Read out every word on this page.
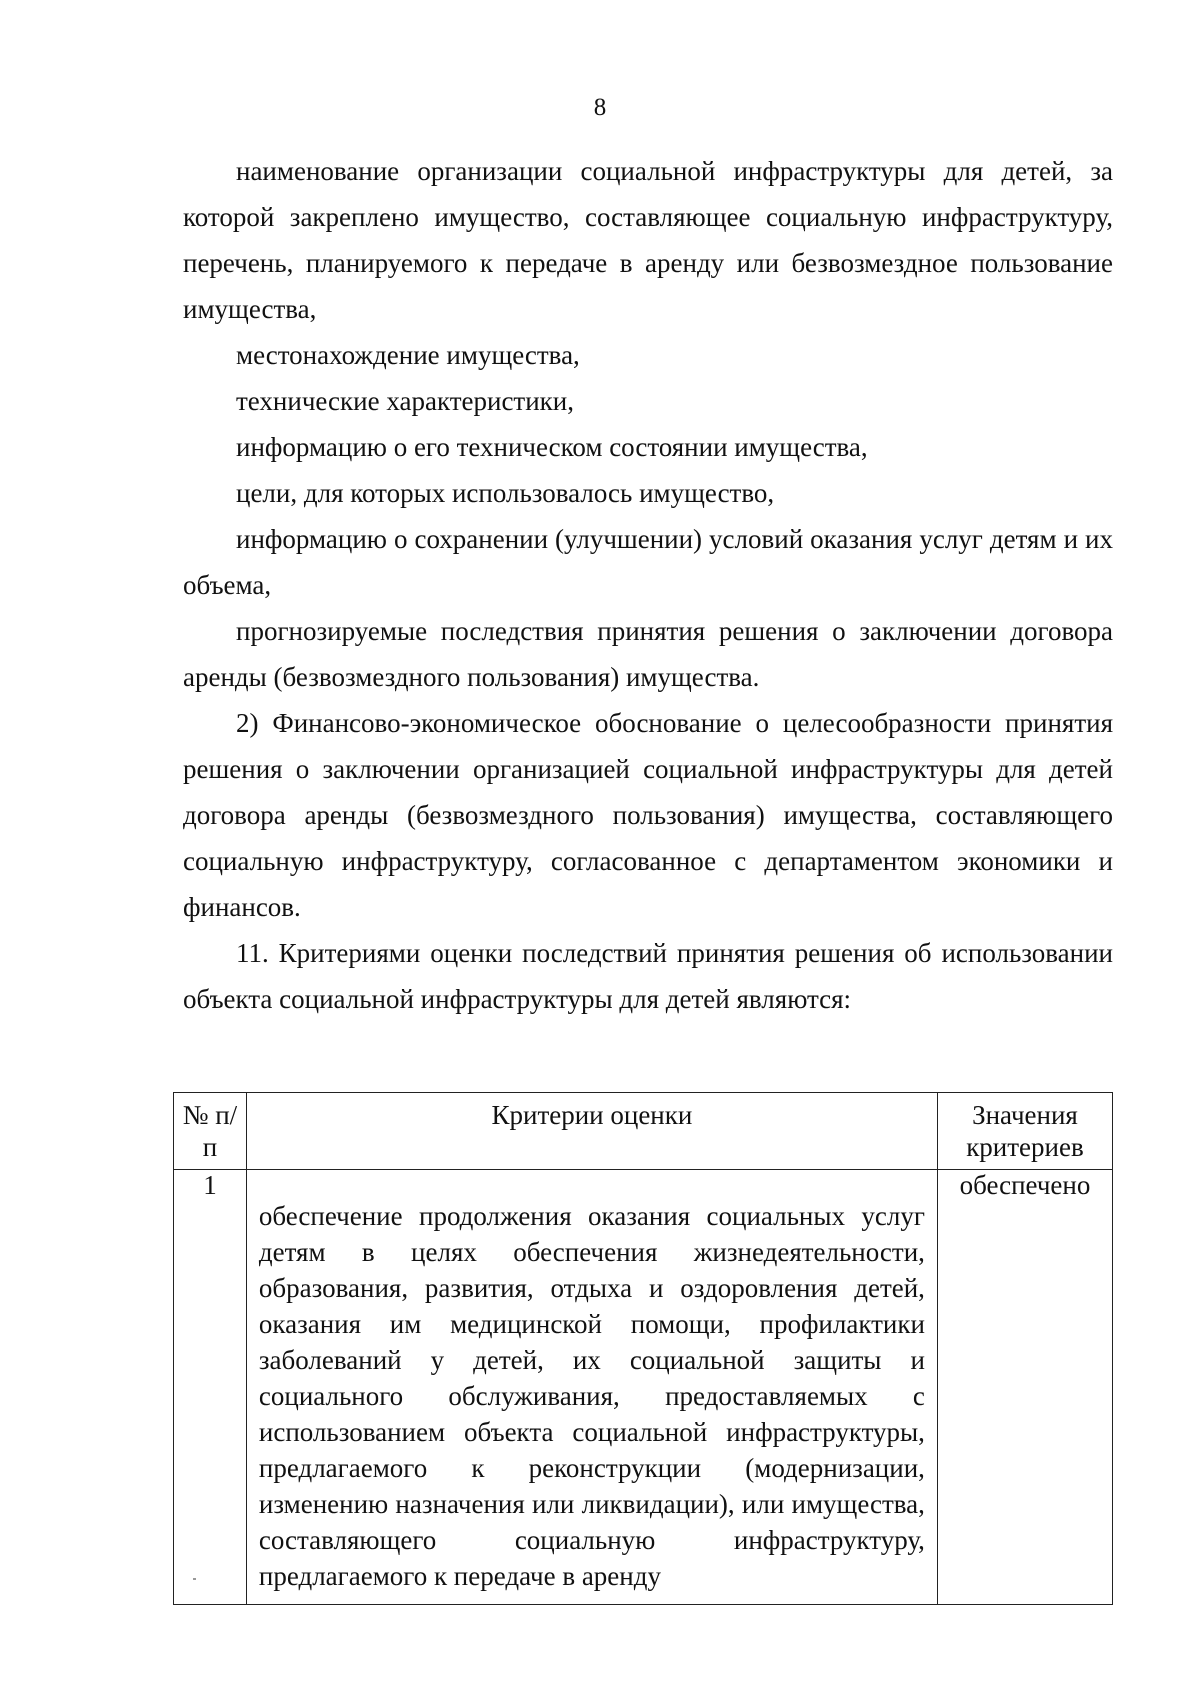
8

наименование организации социальной инфраструктуры для детей, за которой закреплено имущество, составляющее социальную инфраструктуру, перечень, планируемого к передаче в аренду или безвозмездное пользование имущества,

местонахождение имущества,

технические характеристики,

информацию о его техническом состоянии имущества,

цели, для которых использовалось имущество,

информацию о сохранении (улучшении) условий оказания услуг детям и их объема,

прогнозируемые последствия принятия решения о заключении договора аренды (безвозмездного пользования) имущества.

2) Финансово-экономическое обоснование о целесообразности принятия решения о заключении организацией социальной инфраструктуры для детей договора аренды (безвозмездного пользования) имущества, составляющего социальную инфраструктуру, согласованное с департаментом экономики и финансов.

11. Критериями оценки последствий принятия решения об использовании объекта социальной инфраструктуры для детей являются:

№ п/п	Критерии оценки	Значения критериев
1	обеспечение продолжения оказания социальных услуг детям в целях обеспечения жизнедеятельности, образования, развития, отдыха и оздоровления детей, оказания им медицинской помощи, профилактики заболеваний у детей, их социальной защиты и социального обслуживания, предоставляемых с использованием объекта социальной инфраструктуры, предлагаемого к реконструкции (модернизации, изменению назначения или ликвидации), или имущества, составляющего социальную инфраструктуру, предлагаемого к передаче в аренду	обеспечено
